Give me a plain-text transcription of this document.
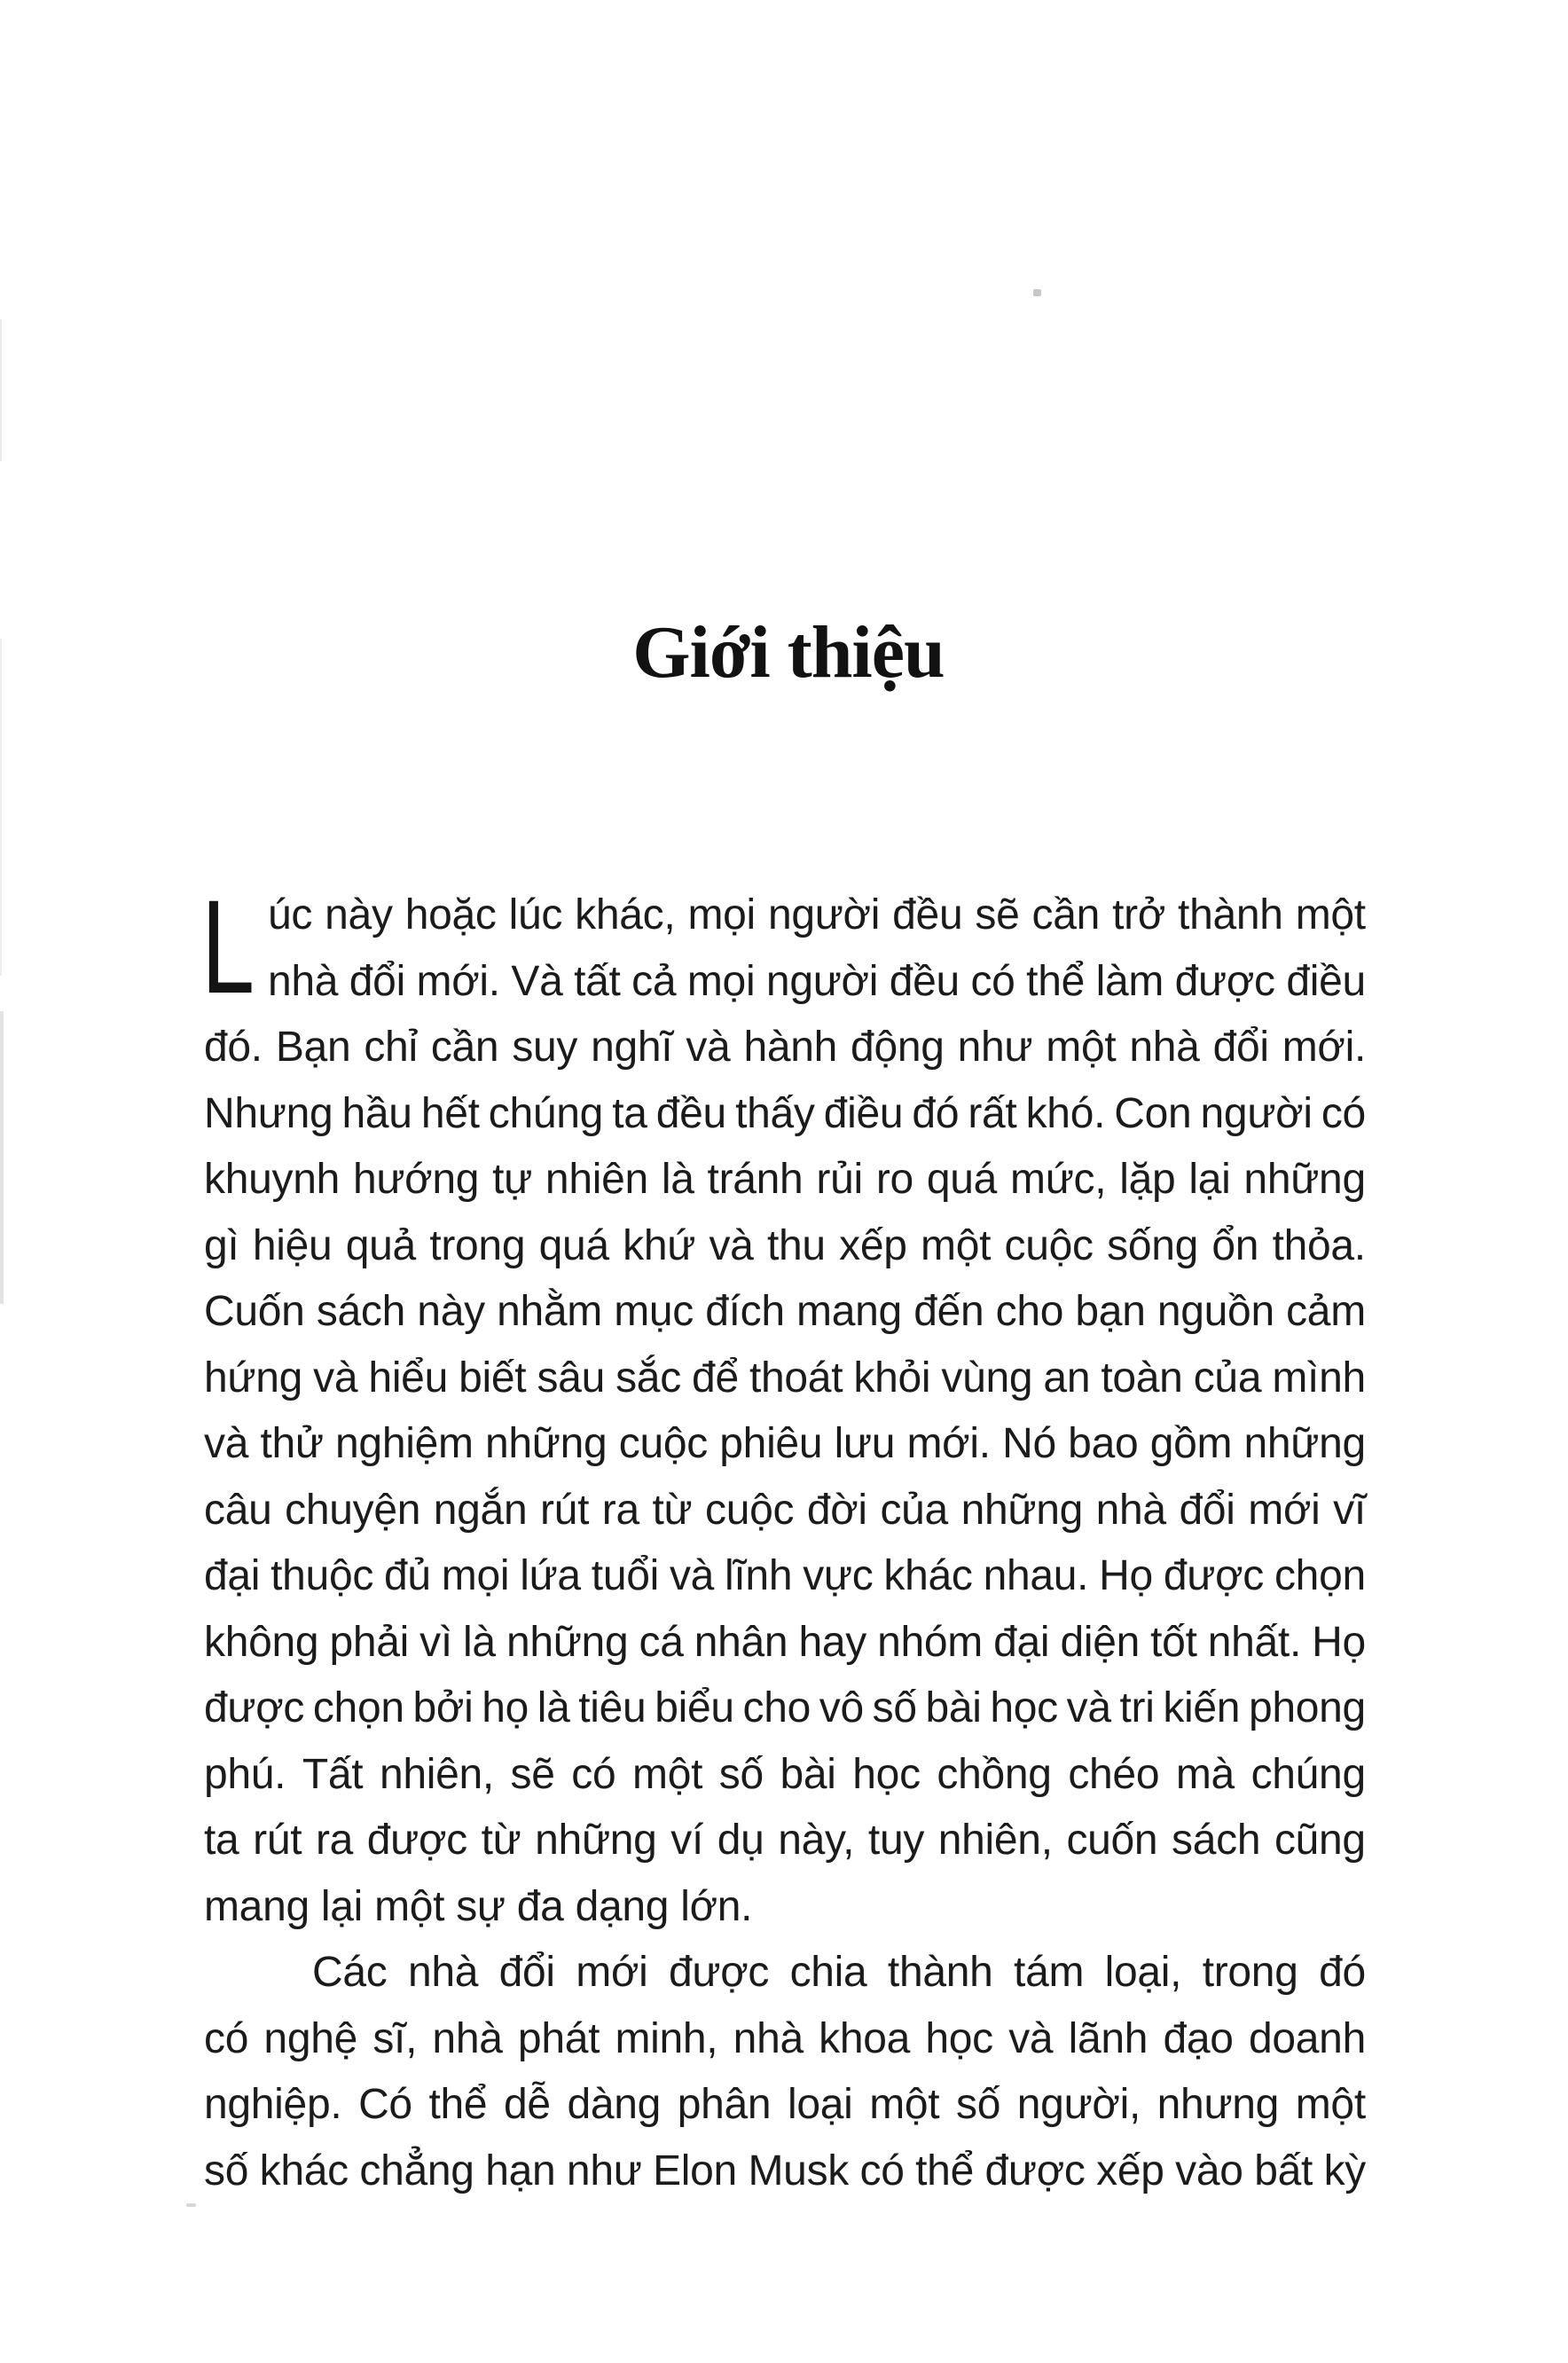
Giới thiệu
L úc này hoặc lúc khác, mọi người đều sẽ cần trở thành một
nhà đổi mới. Và tất cả mọi người đều có thể làm được điều
đó. Bạn chỉ cần suy nghĩ và hành động như một nhà đổi mới.
Nhưng hầu hết chúng ta đều thấy điều đó rất khó. Con người có
khuynh hướng tự nhiên là tránh rủi ro quá mức, lặp lại những
gì hiệu quả trong quá khứ và thu xếp một cuộc sống ổn thỏa.
Cuốn sách này nhằm mục đích mang đến cho bạn nguồn cảm
hứng và hiểu biết sâu sắc để thoát khỏi vùng an toàn của mình
và thử nghiệm những cuộc phiêu lưu mới. Nó bao gồm những
câu chuyện ngắn rút ra từ cuộc đời của những nhà đổi mới vĩ
đại thuộc đủ mọi lứa tuổi và lĩnh vực khác nhau. Họ được chọn
không phải vì là những cá nhân hay nhóm đại diện tốt nhất. Họ
được chọn bởi họ là tiêu biểu cho vô số bài học và tri kiến phong
phú. Tất nhiên, sẽ có một số bài học chồng chéo mà chúng
ta rút ra được từ những ví dụ này, tuy nhiên, cuốn sách cũng
mang lại một sự đa dạng lớn.
Các nhà đổi mới được chia thành tám loại, trong đó
có nghệ sĩ, nhà phát minh, nhà khoa học và lãnh đạo doanh
nghiệp. Có thể dễ dàng phân loại một số người, nhưng một
số khác chẳng hạn như Elon Musk có thể được xếp vào bất kỳ
